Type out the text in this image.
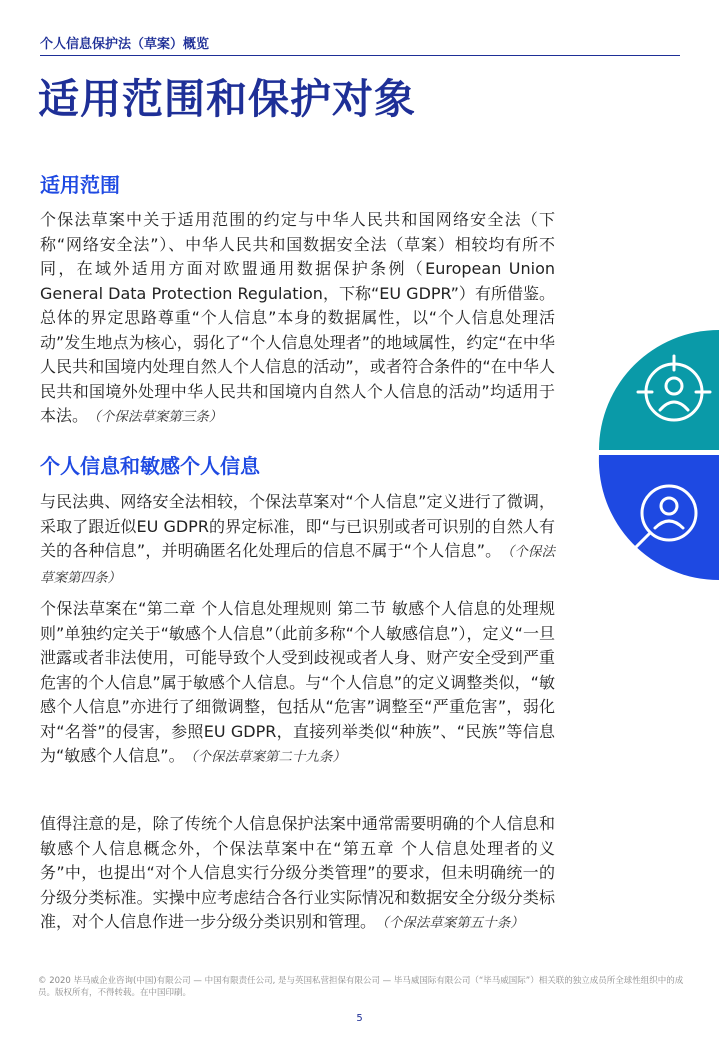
个人信息保护法（草案）概览
适用范围和保护对象
适用范围

个保法草案中关于适用范围的约定与中华人民共和国网络安全法（下称“网络安全法”）、中华人民共和国数据安全法（草案）相较均有所不同，在域外适用方面对欧盟通用数据保护条例（European Union General Data Protection Regulation，下称“EU GDPR”）有所借鉴。总体的界定思路尊重“个人信息”本身的数据属性，以“个人信息处理活动”发生地点为核心，弱化了“个人信息处理者”的地域属性，约定“在中华人民共和国境内处理自然人个人信息的活动”，或者符合条件的“在中华人民共和国境外处理中华人民共和国境内自然人个人信息的活动”均适用于本法。 （个保法草案第三条）

个人信息和敏感个人信息

与民法典、网络安全法相较，个保法草案对“个人信息”定义进行了微调，采取了跟近似EU GDPR的界定标准，即“与已识别或者可识别的自然人有关的各种信息”，并明确匿名化处理后的信息不属于“个人信息”。 （个保法草案第四条）

个保法草案在“第二章 个人信息处理规则 第二节 敏感个人信息的处理规则”单独约定关于“敏感个人信息”（此前多称“个人敏感信息”），定义“一旦泄露或者非法使用，可能导致个人受到歧视或者人身、财产安全受到严重危害的个人信息”属于敏感个人信息。与“个人信息”的定义调整类似，“敏感个人信息”亦进行了细微调整，包括从“危害”调整至“严重危害”，弱化对“名誉”的侵害，参照EU GDPR，直接列举类似“种族”、“民族”等信息为“敏感个人信息”。 （个保法草案第二十九条）

值得注意的是，除了传统个人信息保护法案中通常需要明确的个人信息和敏感个人信息概念外，个保法草案中在“第五章 个人信息处理者的义务”中，也提出“对个人信息实行分级分类管理”的要求，但未明确统一的分级分类标准。实操中应考虑结合各行业实际情况和数据安全分级分类标准，对个人信息作进一步分级分类识别和管理。 （个保法草案第五十条）

© 2020 毕马威企业咨询(中国)有限公司 — 中国有限责任公司, 是与英国私营担保有限公司 — 毕马威国际有限公司（“毕马威国际”）相关联的独立成员所全球性组织中的成员。版权所有，不得转载。在中国印刷。
5
